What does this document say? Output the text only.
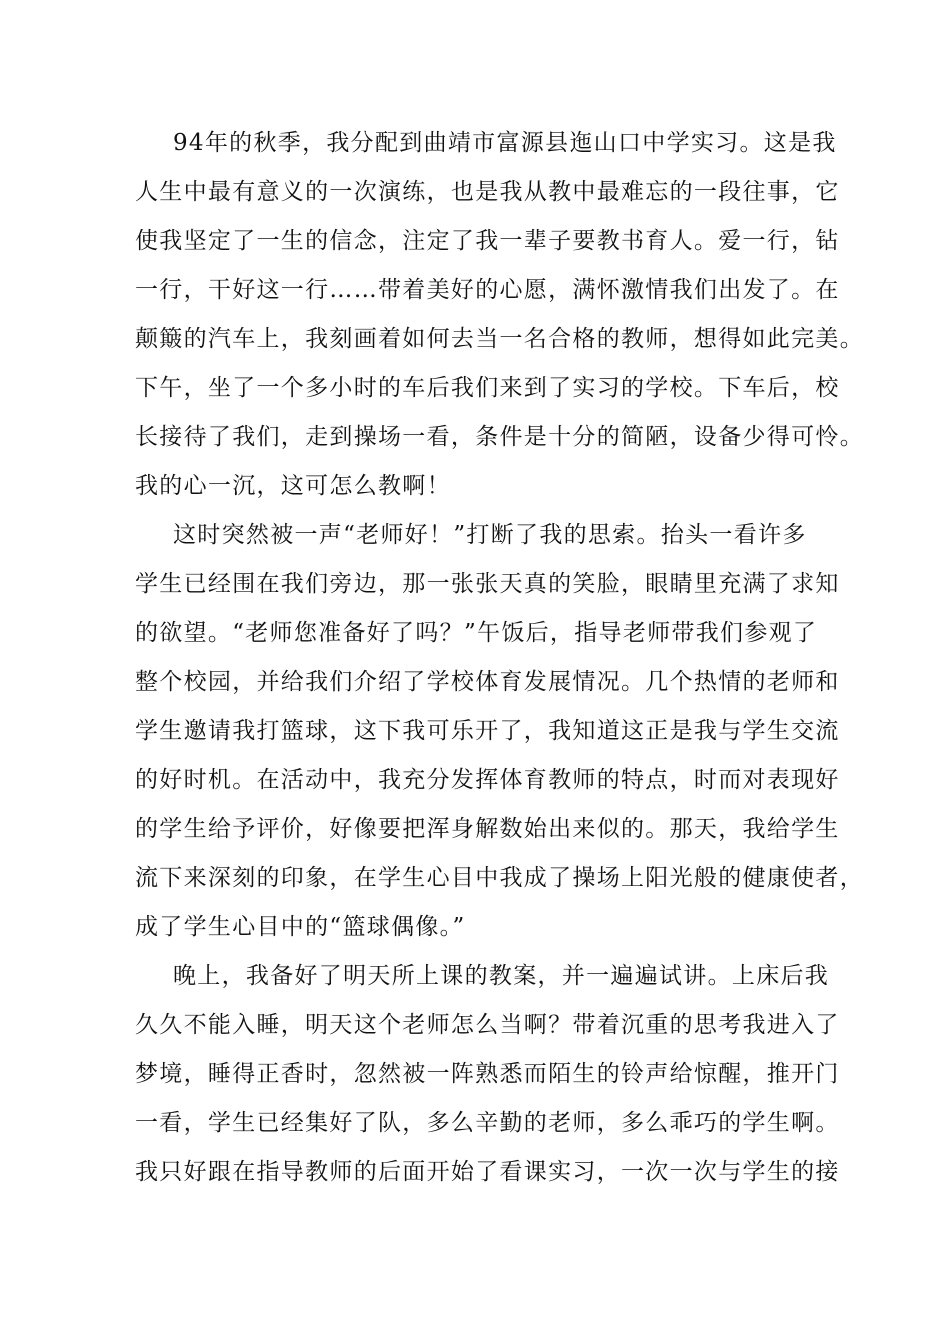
94年的秋季，我分配到曲靖市富源县迤山口中学实习。这是我
人生中最有意义的一次演练，也是我从教中最难忘的一段往事，它
使我坚定了一生的信念，注定了我一辈子要教书育人。爱一行，钻
一行，干好这一行……带着美好的心愿，满怀激情我们出发了。在
颠簸的汽车上，我刻画着如何去当一名合格的教师，想得如此完美。
下午，坐了一个多小时的车后我们来到了实习的学校。下车后，校
长接待了我们，走到操场一看，条件是十分的简陋，设备少得可怜。
我的心一沉，这可怎么教啊！
这时突然被一声“老师好！”打断了我的思索。抬头一看许多
学生已经围在我们旁边，那一张张天真的笑脸，眼睛里充满了求知
的欲望。“老师您准备好了吗？”午饭后，指导老师带我们参观了
整个校园，并给我们介绍了学校体育发展情况。几个热情的老师和
学生邀请我打篮球，这下我可乐开了，我知道这正是我与学生交流
的好时机。在活动中，我充分发挥体育教师的特点，时而对表现好
的学生给予评价，好像要把浑身解数始出来似的。那天，我给学生
流下来深刻的印象，在学生心目中我成了操场上阳光般的健康使者，
成了学生心目中的“篮球偶像。”
晚上，我备好了明天所上课的教案，并一遍遍试讲。上床后我
久久不能入睡，明天这个老师怎么当啊？带着沉重的思考我进入了
梦境，睡得正香时，忽然被一阵熟悉而陌生的铃声给惊醒，推开门
一看，学生已经集好了队，多么辛勤的老师，多么乖巧的学生啊。
我只好跟在指导教师的后面开始了看课实习，一次一次与学生的接
